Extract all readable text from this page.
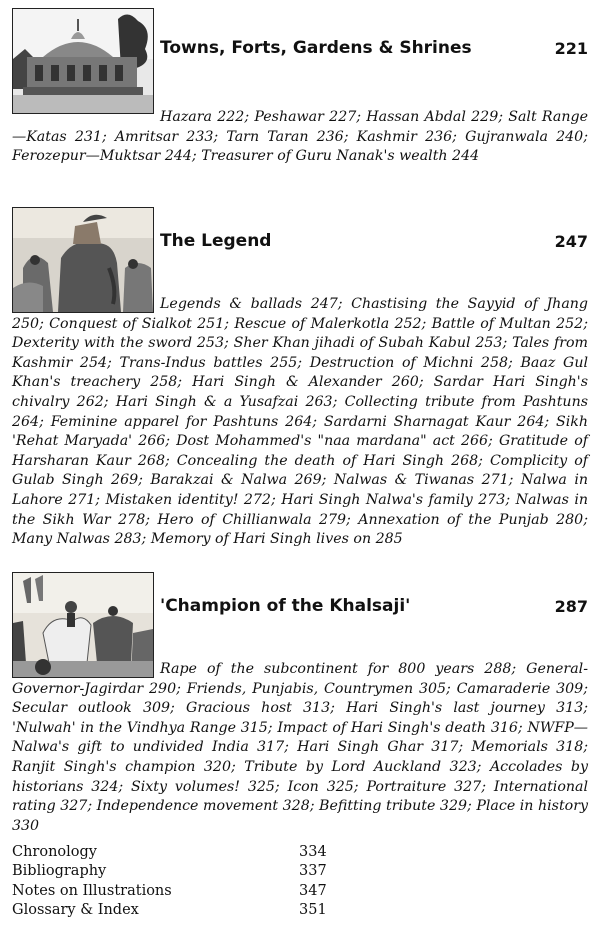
Towns, Forts, Gardens & Shrines	221

Hazara 222; Peshawar 227; Hassan Abdal 229; Salt Range—Katas 231; Amritsar 233; Tarn Taran 236; Kashmir 236; Gujranwala 240; Ferozepur—Muktsar 244; Treasurer of Guru Nanak's wealth 244

The Legend	247

Legends & ballads 247; Chastising the Sayyid of Jhang 250; Conquest of Sialkot 251; Rescue of Malerkotla 252; Battle of Multan 252; Dexterity with the sword 253; Sher Khan jihadi of Subah Kabul 253; Tales from Kashmir 254; Trans-Indus battles 255; Destruction of Michni 258; Baaz Gul Khan's treachery 258; Hari Singh & Alexander 260; Sardar Hari Singh's chivalry 262; Hari Singh & a Yusafzai 263; Collecting tribute from Pashtuns 264; Feminine apparel for Pashtuns 264; Sardarni Sharnagat Kaur 264; Sikh 'Rehat Maryada' 266; Dost Mohammed's "naa mardana" act 266; Gratitude of Harsharan Kaur 268; Concealing the death of Hari Singh 268; Complicity of Gulab Singh 269; Barakzai & Nalwa 269; Nalwas & Tiwanas 271; Nalwa in Lahore 271; Mistaken identity! 272; Hari Singh Nalwa's family 273; Nalwas in the Sikh War 278; Hero of Chillianwala 279; Annexation of the Punjab 280; Many Nalwas 283; Memory of Hari Singh lives on 285

'Champion of the Khalsaji'	287

Rape of the subcontinent for 800 years 288; General-Governor-Jagirdar 290; Friends, Punjabis, Countrymen 305; Camaraderie 309; Secular outlook 309; Gracious host 313; Hari Singh's last journey 313; 'Nulwah' in the Vindhya Range 315; Impact of Hari Singh's death 316; NWFP—Nalwa's gift to undivided India 317; Hari Singh Ghar 317; Memorials 318; Ranjit Singh's champion 320; Tribute by Lord Auckland 323; Accolades by historians 324; Sixty volumes! 325; Icon 325; Portraiture 327; International rating 327; Independence movement 328; Befitting tribute 329; Place in history 330

Chronology	334
Bibliography	337
Notes on Illustrations	347
Glossary & Index	351
